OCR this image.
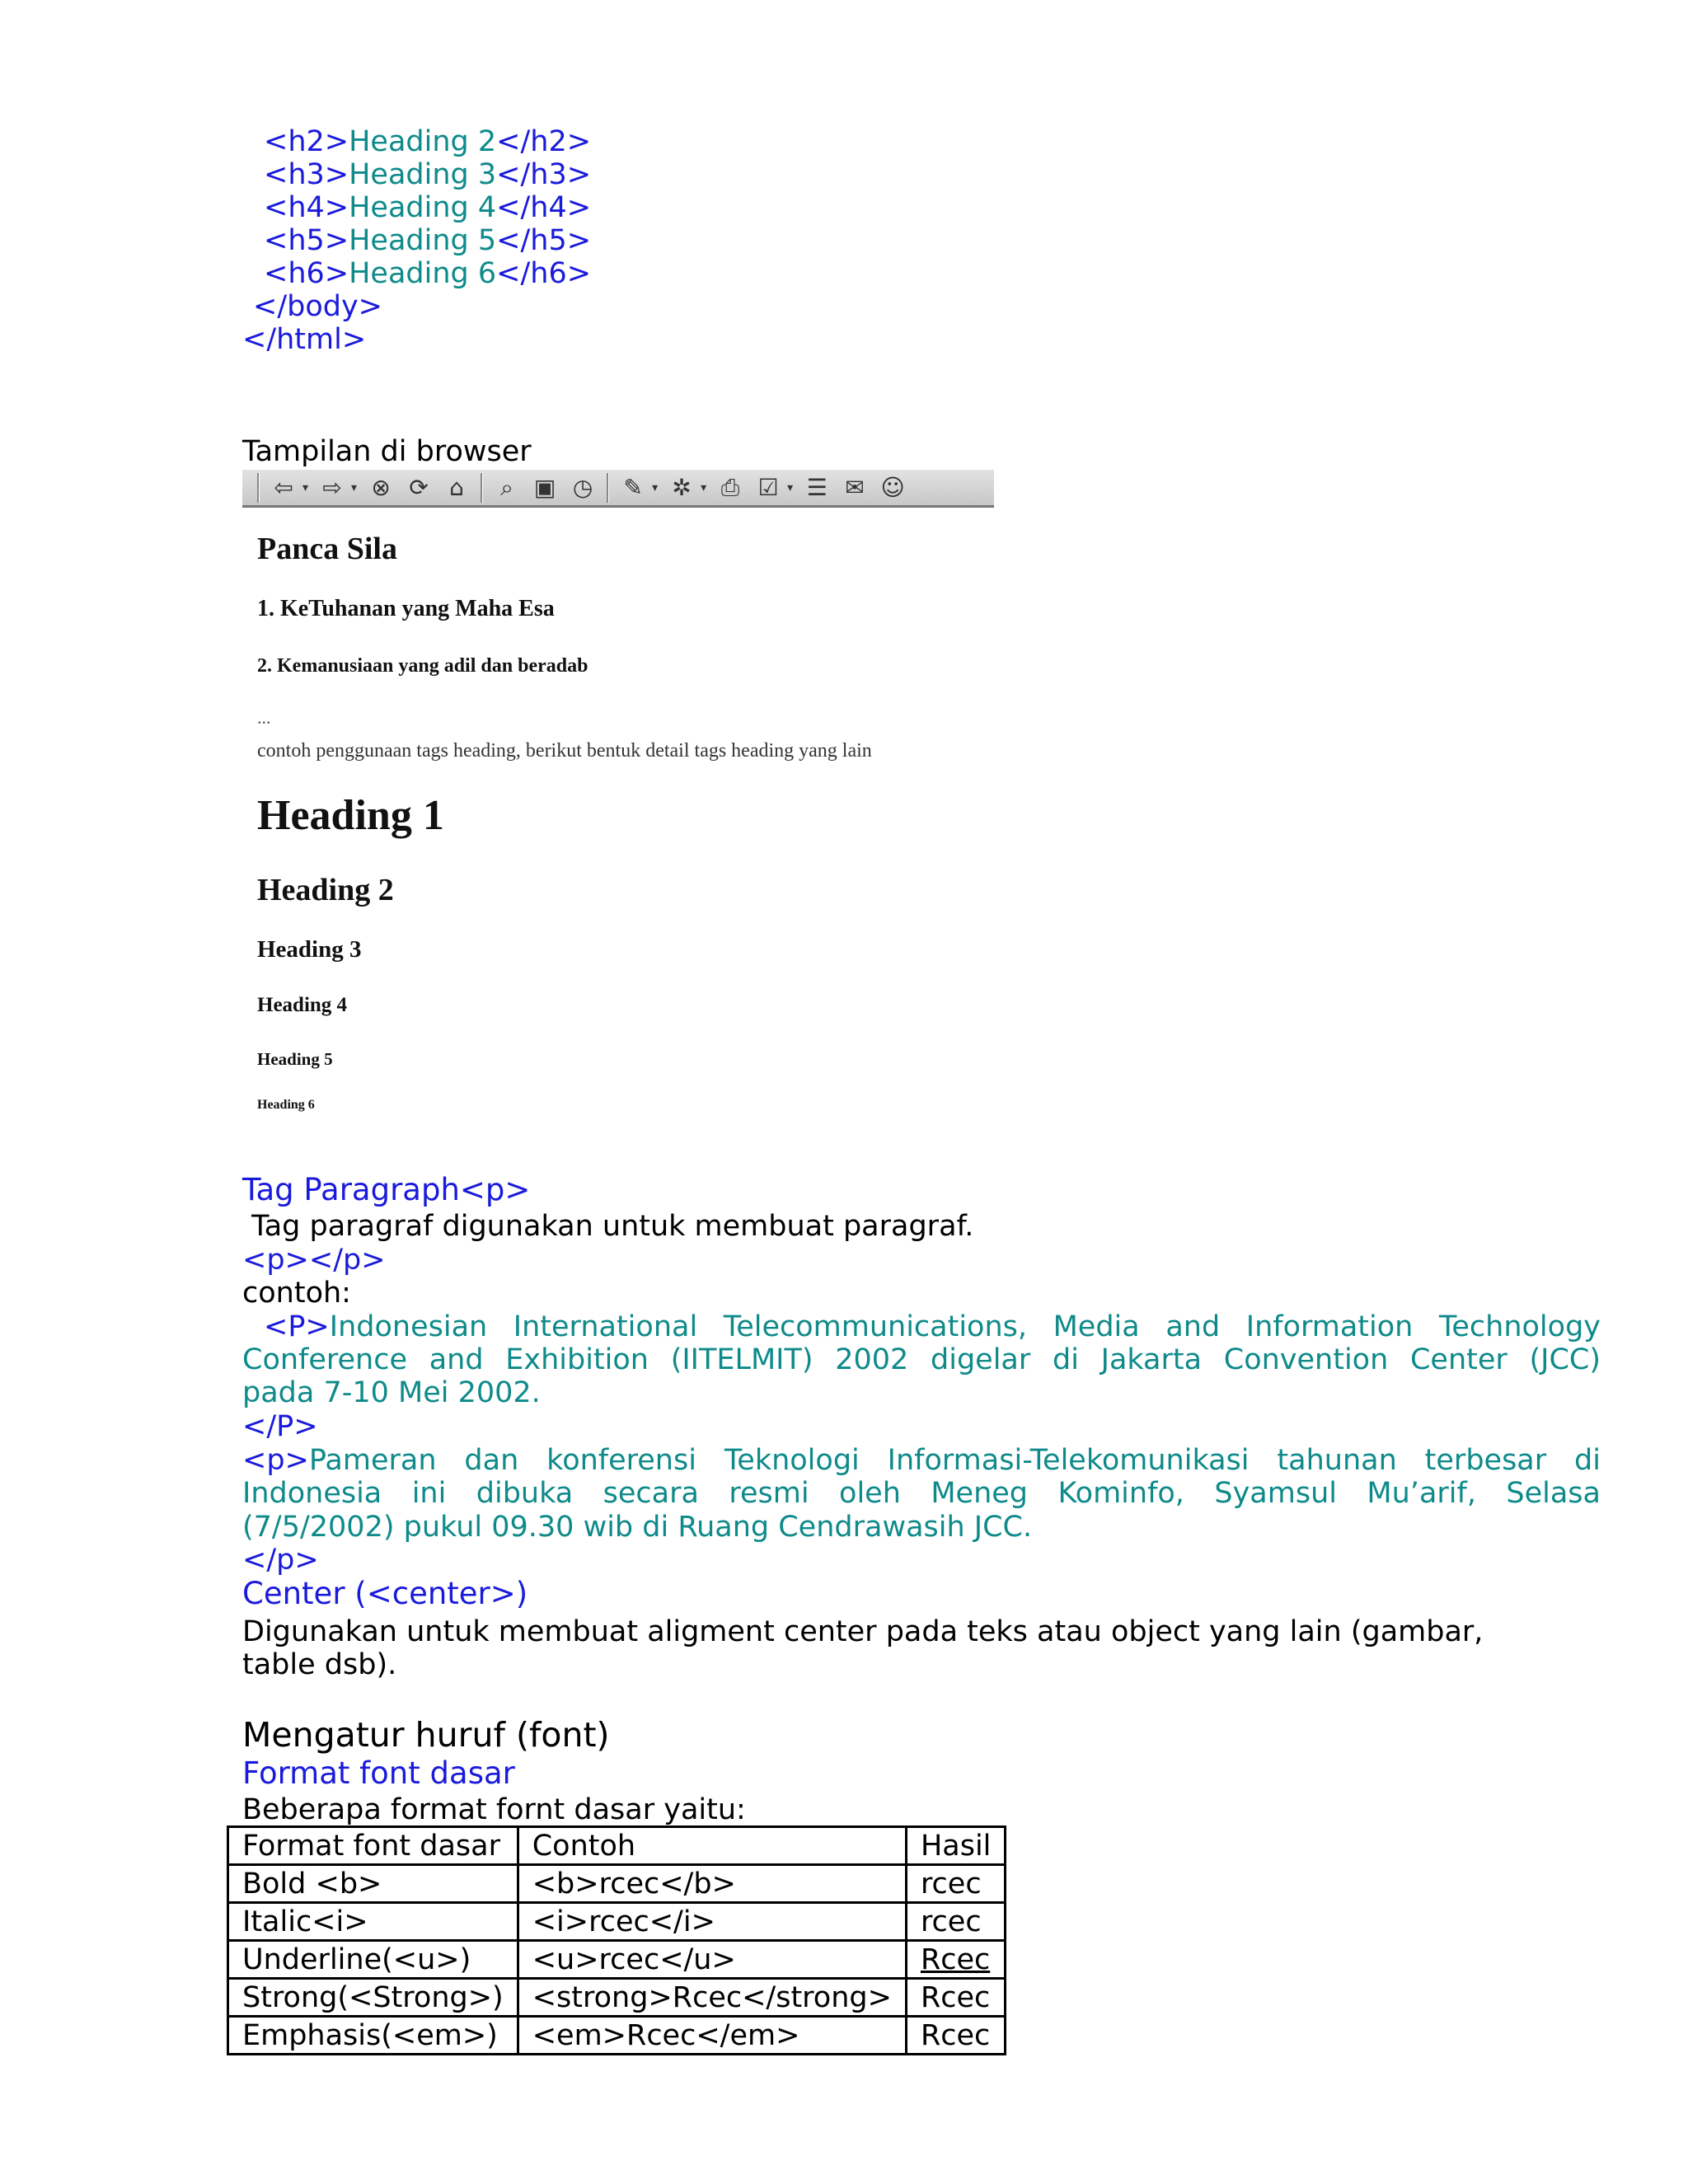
<h2>Heading 2</h2>
<h3>Heading 3</h3>
<h4>Heading 4</h4>
<h5>Heading 5</h5>
<h6>Heading 6</h6>
</body>
</html>
Tampilan di browser
⇦ ▾ ⇨ ▾ ⊗ ⟳ ⌂	⌕ ▣ ◷ ✎ ▾ ✲ ▾ ⎙ ☑ ▾ ☰ ✉ ☺
Panca Sila
1. KeTuhanan yang Maha Esa
2. Kemanusiaan yang adil dan beradab
...
contoh penggunaan tags heading, berikut bentuk detail tags heading yang lain
Heading 1
Heading 2
Heading 3
Heading 4
Heading 5
Heading 6
Tag Paragraph<p>
Tag paragraf digunakan untuk membuat paragraf.
<p></p>
contoh:
<P>Indonesian International Telecommunications, Media and Information Technology
Conference and Exhibition (IITELMIT) 2002 digelar di Jakarta Convention Center (JCC)
pada 7-10 Mei 2002.
</P>
<p>Pameran dan konferensi Teknologi Informasi-Telekomunikasi tahunan terbesar di
Indonesia ini dibuka secara resmi oleh Meneg Kominfo, Syamsul Mu’arif, Selasa
(7/5/2002) pukul 09.30 wib di Ruang Cendrawasih JCC.
</p>
Center (<center>)
Digunakan untuk membuat aligment center pada teks atau object yang lain (gambar,
table dsb).
Mengatur huruf (font)
Format font dasar
Beberapa format fornt dasar yaitu:
Format font dasar	Contoh	Hasil
Bold <b>	<b>rcec</b>	rcec
Italic<i>	<i>rcec</i>	rcec
Underline(<u>)	<u>rcec</u>	Rcec
Strong(<Strong>)	<strong>Rcec</strong>	Rcec
Emphasis(<em>)	<em>Rcec</em>	Rcec
